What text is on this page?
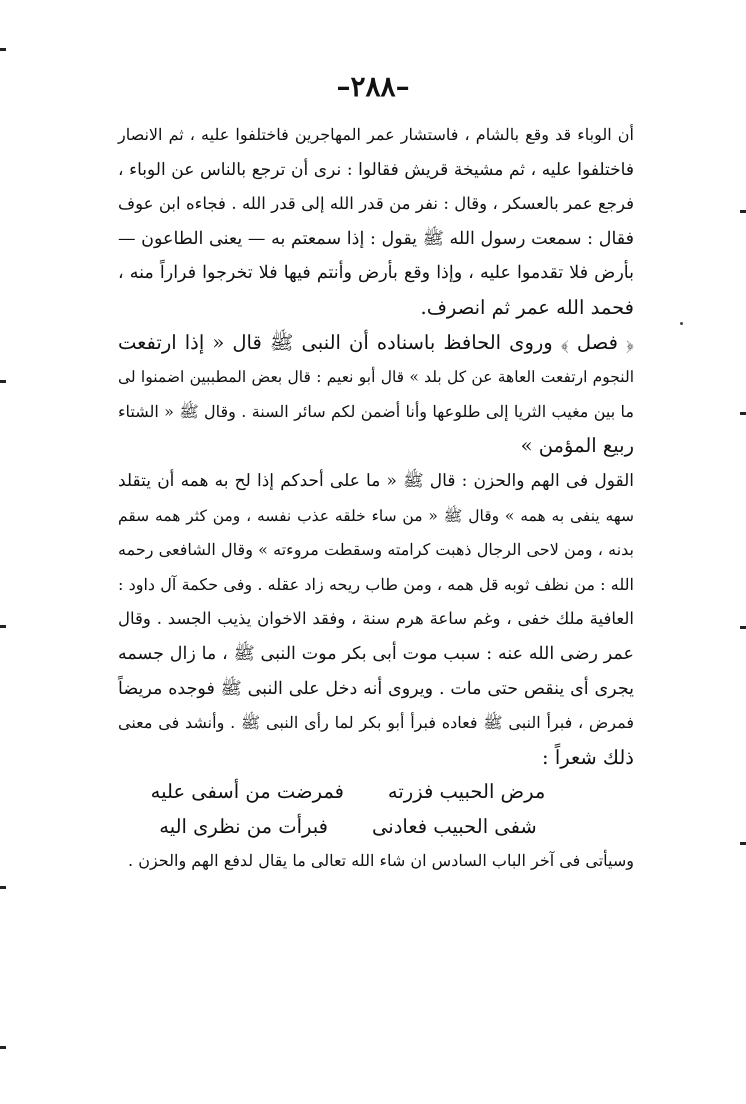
–٢٨٨–

أن الوباء قد وقع بالشام ، فاستشار عمر المهاجرين فاختلفوا عليه ، ثم الانصار
فاختلفوا عليه ، ثم مشيخة قريش فقالوا : نرى أن ترجع بالناس عن الوباء ،
فرجع عمر بالعسكر ، وقال : نفر من قدر الله إلى قدر الله . فجاءه ابن عوف
فقال : سمعت رسول الله ﷺ يقول : إذا سمعتم به — يعنى الطاعون —
بأرض فلا تقدموا عليه ، وإذا وقع بأرض وأنتم فيها فلا تخرجوا فراراً منه ،
فحمد الله عمر ثم انصرف.

﴿ فصل ﴾ وروى الحافظ باسناده أن النبى ﷺ قال « إذا ارتفعت
النجوم ارتفعت العاهة عن كل بلد » قال أبو نعيم : قال بعض المطببين اضمنوا لى
ما بين مغيب الثريا إلى طلوعها وأنا أضمن لكم سائر السنة . وقال ﷺ « الشتاء
ربيع المؤمن »

القول فى الهم والحزن : قال ﷺ « ما على أحدكم إذا لح به همه أن يتقلد
سهه ينفى به همه » وقال ﷺ « من ساء خلقه عذب نفسه ، ومن كثر همه سقم
بدنه ، ومن لاحى الرجال ذهبت كرامته وسقطت مروءته » وقال الشافعى رحمه
الله : من نظف ثوبه قل همه ، ومن طاب ريحه زاد عقله . وفى حكمة آل داود :
العافية ملك خفى ، وغم ساعة هرم سنة ، وفقد الاخوان يذيب الجسد . وقال
عمر رضى الله عنه : سبب موت أبى بكر موت النبى ﷺ ، ما زال جسمه
يجرى أى ينقص حتى مات . ويروى أنه دخل على النبى ﷺ فوجده مريضاً
فمرض ، فبرأ النبى ﷺ فعاده فبرأ أبو بكر لما رأى النبى ﷺ . وأنشد فى معنى
ذلك شعراً :

مرض الحبيب فزرته
فمرضت من أسفى عليه
شفى الحبيب فعادنى
فبرأت من نظرى اليه

وسيأتى فى آخر الباب السادس ان شاء الله تعالى ما يقال لدفع الهم والحزن .
